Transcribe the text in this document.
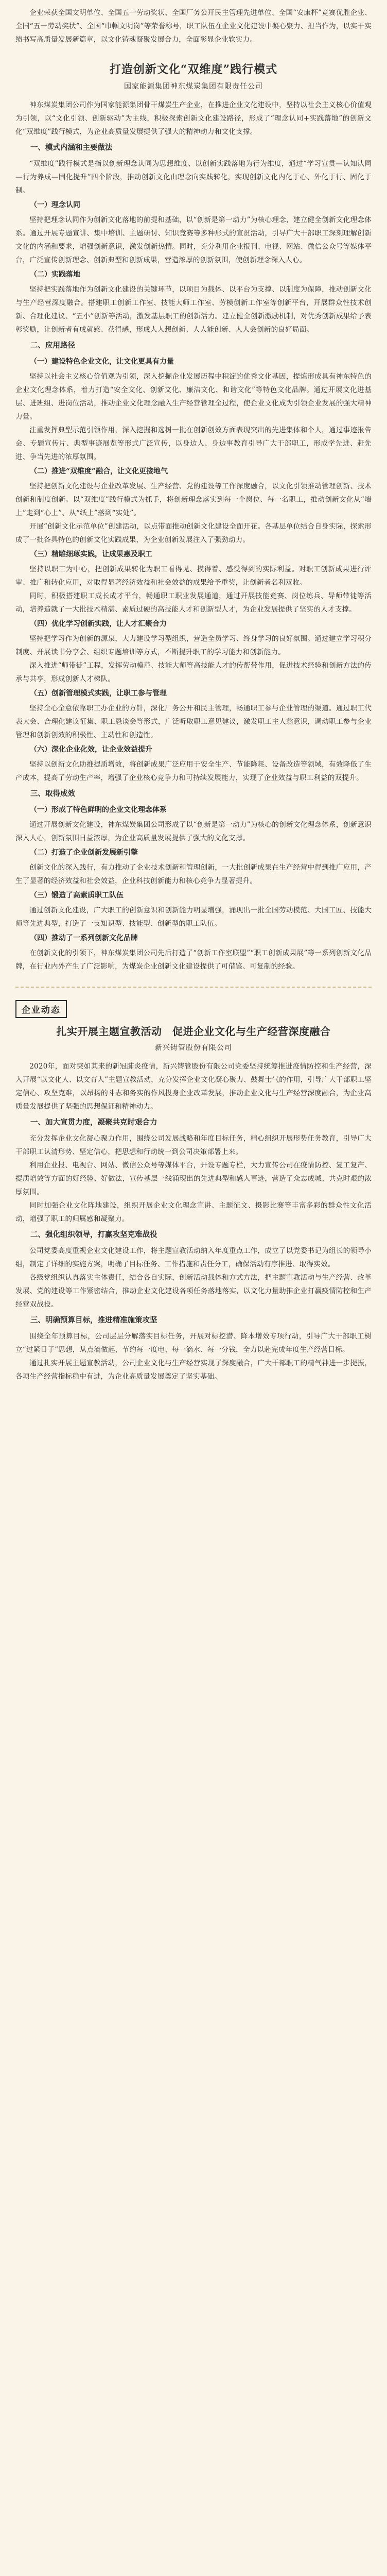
企业荣获全国文明单位、全国五一劳动奖状、全国厂务公开民主管理先进单位、全国“安康杯”竞赛优胜企业、全国“五一劳动奖状”、全国“巾帼文明岗”等荣誉称号，职工队伍在企业文化建设中凝心聚力、担当作为，以实干实绩书写高质量发展新篇章，以文化铸魂凝聚发展合力，全面彰显企业软实力。

打造创新文化“双维度”践行模式
国家能源集团神东煤炭集团有限责任公司

神东煤炭集团公司作为国家能源集团骨干煤炭生产企业，在推进企业文化建设中，坚持以社会主义核心价值观为引领，以“文化引领、创新驱动”为主线，积极探索创新文化建设路径，形成了“理念认同+实践落地”的创新文化“双维度”践行模式，为企业高质量发展提供了强大的精神动力和文化支撑。

一、模式内涵和主要做法

“双维度”践行模式是指以创新理念认同为思想维度、以创新实践落地为行为维度，通过“学习宣贯—认知认同—行为养成—固化提升”四个阶段，推动创新文化由理念向实践转化，实现创新文化内化于心、外化于行、固化于制。

（一）理念认同

坚持把理念认同作为创新文化落地的前提和基础，以“创新是第一动力”为核心理念，建立健全创新文化理念体系。通过开展专题宣讲、集中培训、主题研讨、知识竞赛等多种形式的宣贯活动，引导广大干部职工深刻理解创新文化的内涵和要求，增强创新意识，激发创新热情。同时，充分利用企业报刊、电视、网站、微信公众号等媒体平台，广泛宣传创新理念、创新典型和创新成果，营造浓厚的创新氛围，使创新理念深入人心。

（二）实践落地

坚持把实践落地作为创新文化建设的关键环节，以项目为载体、以平台为支撑、以制度为保障，推动创新文化与生产经营深度融合。搭建职工创新工作室、技能大师工作室、劳模创新工作室等创新平台，开展群众性技术创新、合理化建议、“五小”创新等活动，激发基层职工的创新活力。建立健全创新激励机制，对优秀创新成果给予表彰奖励，让创新者有成就感、获得感，形成人人想创新、人人能创新、人人会创新的良好局面。

二、应用路径
（一）建设特色企业文化，让文化更具有力量

坚持以社会主义核心价值观为引领，深入挖掘企业发展历程中积淀的优秀文化基因，提炼形成具有神东特色的企业文化理念体系，着力打造“安全文化、创新文化、廉洁文化、和谐文化”等特色文化品牌。通过开展文化进基层、进班组、进岗位活动，推动企业文化理念融入生产经营管理全过程，使企业文化成为引领企业发展的强大精神力量。

注重发挥典型示范引领作用，深入挖掘和选树一批在创新创效方面表现突出的先进集体和个人，通过事迹报告会、专题宣传片、典型事迹展览等形式广泛宣传，以身边人、身边事教育引导广大干部职工，形成学先进、赶先进、争当先进的浓厚氛围。

（二）推进“双维度”融合，让文化更接地气

坚持把创新文化建设与企业改革发展、生产经营、党的建设等工作深度融合，以文化引领推动管理创新、技术创新和制度创新。以“双维度”践行模式为抓手，将创新理念落实到每一个岗位、每一名职工，推动创新文化从“墙上”走到“心上”、从“纸上”落到“实处”。

开展“创新文化示范单位”创建活动，以点带面推动创新文化建设全面开花。各基层单位结合自身实际，探索形成了一批各具特色的创新文化实践成果，为企业创新发展注入了强劲动力。

（三）精雕细琢实践，让成果惠及职工

坚持以职工为中心，把创新成果转化为职工看得见、摸得着、感受得到的实际利益。对职工创新成果进行评审、推广和转化应用，对取得显著经济效益和社会效益的成果给予重奖，让创新者名利双收。

同时，积极搭建职工成长成才平台，畅通职工职业发展通道，通过开展技能竞赛、岗位练兵、导师带徒等活动，培养造就了一大批技术精湛、素质过硬的高技能人才和创新型人才，为企业发展提供了坚实的人才支撑。

（四）优化学习创新实践，让人才汇聚合力

坚持把学习作为创新的源泉，大力建设学习型组织，营造全员学习、终身学习的良好氛围。通过建立学习积分制度、开展读书分享会、组织专题培训等方式，不断提升职工的学习能力和创新能力。

深入推进“师带徒”工程，发挥劳动模范、技能大师等高技能人才的传帮带作用，促进技术经验和创新方法的传承与共享，形成创新人才梯队。

（五）创新管理模式实践，让职工参与管理

坚持全心全意依靠职工办企业的方针，深化厂务公开和民主管理，畅通职工参与企业管理的渠道。通过职工代表大会、合理化建议征集、职工恳谈会等形式，广泛听取职工意见建议，激发职工主人翁意识，调动职工参与企业管理和创新创效的积极性、主动性和创造性。

（六）深化企业化效，让企业效益提升

坚持以创新文化助推提质增效，将创新成果广泛应用于安全生产、节能降耗、设备改造等领域，有效降低了生产成本，提高了劳动生产率，增强了企业核心竞争力和可持续发展能力，实现了企业效益与职工利益的双提升。

三、取得成效
（一）形成了特色鲜明的企业文化理念体系

通过开展创新文化建设，神东煤炭集团公司形成了以“创新是第一动力”为核心的创新文化理念体系，创新意识深入人心，创新氛围日益浓厚，为企业高质量发展提供了强大的文化支撑。

（二）打造了企业创新发展新引擎

创新文化的深入践行，有力推动了企业技术创新和管理创新，一大批创新成果在生产经营中得到推广应用，产生了显著的经济效益和社会效益，企业科技创新能力和核心竞争力显著提升。

（三）锻造了高素质职工队伍

通过创新文化建设，广大职工的创新意识和创新能力明显增强，涌现出一批全国劳动模范、大国工匠、技能大师等先进典型，打造了一支知识型、技能型、创新型的职工队伍。

（四）推动了一系列创新文化品牌

在创新文化的引领下，神东煤炭集团公司先后打造了“创新工作室联盟”“职工创新成果展”等一系列创新文化品牌，在行业内外产生了广泛影响，为煤炭企业创新文化建设提供了可借鉴、可复制的经验。

企业动态
扎实开展主题宣教活动　促进企业文化与生产经营深度融合
新兴铸管股份有限公司

2020年，面对突如其来的新冠肺炎疫情，新兴铸管股份有限公司党委坚持统筹推进疫情防控和生产经营，深入开展“以文化人、以文育人”主题宣教活动，充分发挥企业文化凝心聚力、鼓舞士气的作用，引导广大干部职工坚定信心、攻坚克难，以昂扬的斗志和务实的作风投身企业改革发展，推动企业文化与生产经营深度融合，为企业高质量发展提供了坚强的思想保证和精神动力。

一、加大宣贯力度，凝聚共克时艰合力

充分发挥企业文化凝心聚力作用，围绕公司发展战略和年度目标任务，精心组织开展形势任务教育，引导广大干部职工认清形势、坚定信心，把思想和行动统一到公司决策部署上来。

利用企业报、电视台、网站、微信公众号等媒体平台，开设专题专栏，大力宣传公司在疫情防控、复工复产、提质增效等方面的好经验、好做法，宣传基层一线涌现出的先进典型和感人事迹，营造了众志成城、共克时艰的浓厚氛围。

同时加强企业文化阵地建设，组织开展企业文化理念宣讲、主题征文、摄影比赛等丰富多彩的群众性文化活动，增强了职工的归属感和凝聚力。

二、强化组织领导，打赢攻坚克难战役

公司党委高度重视企业文化建设工作，将主题宣教活动纳入年度重点工作，成立了以党委书记为组长的领导小组，制定了详细的实施方案，明确了目标任务、工作措施和责任分工，确保活动有序推进、取得实效。

各级党组织认真落实主体责任，结合各自实际，创新活动载体和方式方法，把主题宣教活动与生产经营、改革发展、党的建设等工作紧密结合，推动企业文化建设各项任务落地落实，以文化力量助推企业打赢疫情防控和生产经营双战役。

三、明确预算目标，推进精准施策攻坚

围绕全年预算目标，公司层层分解落实目标任务，开展对标挖潜、降本增效专项行动，引导广大干部职工树立“过紧日子”思想，从点滴做起，节约每一度电、每一滴水、每一分钱，全力以赴完成年度生产经营目标。

通过扎实开展主题宣教活动，公司企业文化与生产经营实现了深度融合，广大干部职工的精气神进一步提振，各项生产经营指标稳中有进，为企业高质量发展奠定了坚实基础。
